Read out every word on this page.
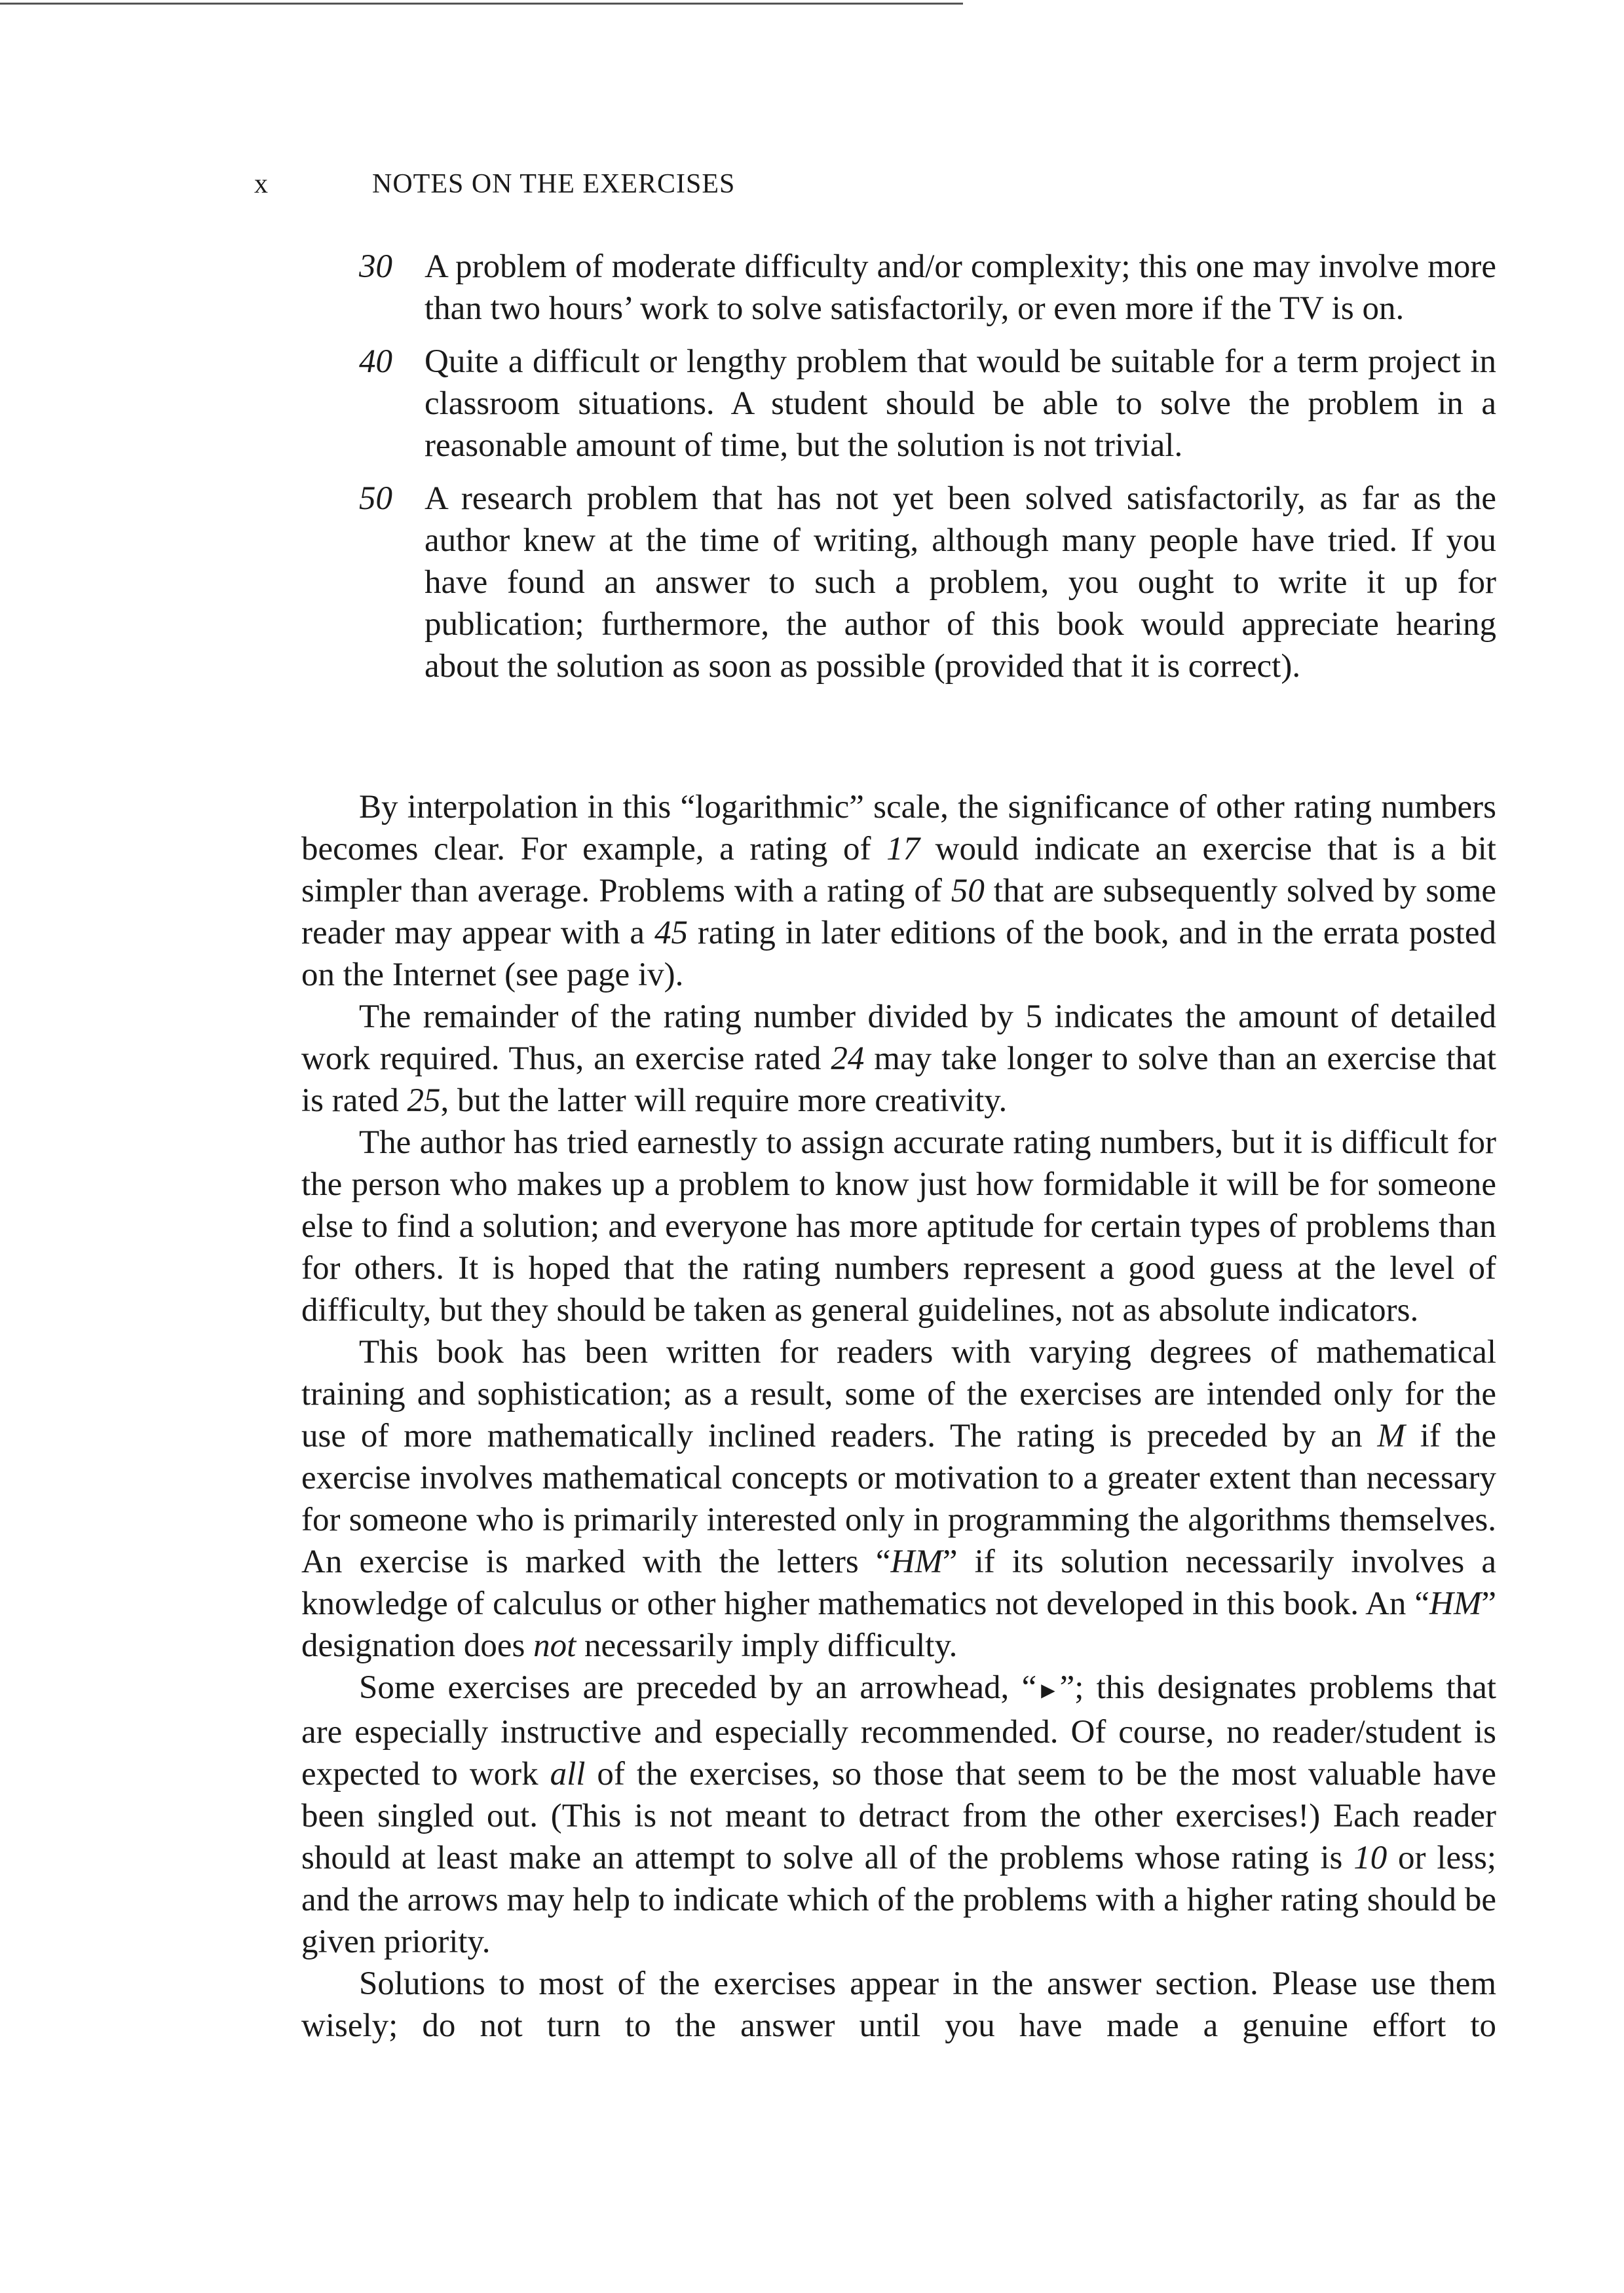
x	NOTES ON THE EXERCISES
30 A problem of moderate difficulty and/or complexity; this one may involve more than two hours’ work to solve satisfactorily, or even more if the TV is on.
40 Quite a difficult or lengthy problem that would be suitable for a term project in classroom situations. A student should be able to solve the problem in a reasonable amount of time, but the solution is not trivial.
50 A research problem that has not yet been solved satisfactorily, as far as the author knew at the time of writing, although many people have tried. If you have found an answer to such a problem, you ought to write it up for publication; furthermore, the author of this book would appreciate hearing about the solution as soon as possible (provided that it is correct).

By interpolation in this “logarithmic” scale, the significance of other rating numbers becomes clear. For example, a rating of 17 would indicate an exercise that is a bit simpler than average. Problems with a rating of 50 that are subsequently solved by some reader may appear with a 45 rating in later editions of the book, and in the errata posted on the Internet (see page iv).

The remainder of the rating number divided by 5 indicates the amount of detailed work required. Thus, an exercise rated 24 may take longer to solve than an exercise that is rated 25, but the latter will require more creativity.

The author has tried earnestly to assign accurate rating numbers, but it is difficult for the person who makes up a problem to know just how formidable it will be for someone else to find a solution; and everyone has more aptitude for certain types of problems than for others. It is hoped that the rating numbers represent a good guess at the level of difficulty, but they should be taken as general guidelines, not as absolute indicators.

This book has been written for readers with varying degrees of mathematical training and sophistication; as a result, some of the exercises are intended only for the use of more mathematically inclined readers. The rating is preceded by an M if the exercise involves mathematical concepts or motivation to a greater extent than necessary for someone who is primarily interested only in programming the algorithms themselves. An exercise is marked with the letters “HM” if its solution necessarily involves a knowledge of calculus or other higher mathematics not developed in this book. An “HM” designation does not necessarily imply difficulty.

Some exercises are preceded by an arrowhead, “►”; this designates problems that are especially instructive and especially recommended. Of course, no reader/student is expected to work all of the exercises, so those that seem to be the most valuable have been singled out. (This is not meant to detract from the other exercises!) Each reader should at least make an attempt to solve all of the problems whose rating is 10 or less; and the arrows may help to indicate which of the problems with a higher rating should be given priority.

Solutions to most of the exercises appear in the answer section. Please use them wisely; do not turn to the answer until you have made a genuine effort to
